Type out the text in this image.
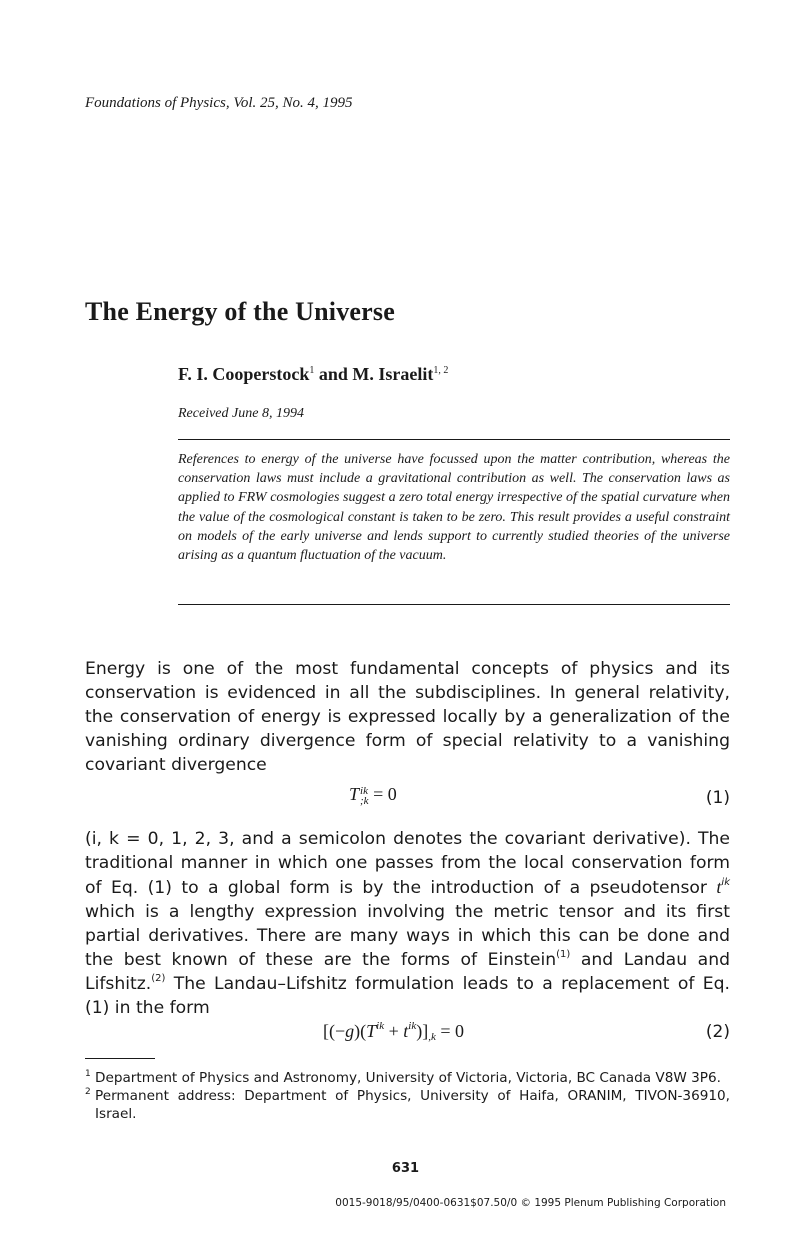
Foundations of Physics, Vol. 25, No. 4, 1995
The Energy of the Universe
F. I. Cooperstock$^1$ and M. Israelit$^{1, 2}$
Received June 8, 1994
References to energy of the universe have focussed upon the matter contribution, whereas the conservation laws must include a gravitational contribution as well. The conservation laws as applied to FRW cosmologies suggest a zero total energy irrespective of the spatial curvature when the value of the cosmological constant is taken to be zero. This result provides a useful constraint on models of the early universe and lends support to currently studied theories of the universe arising as a quantum fluctuation of the vacuum.
Energy is one of the most fundamental concepts of physics and its conservation is evidenced in all the subdisciplines. In general relativity, the conservation of energy is expressed locally by a generalization of the vanishing ordinary divergence form of special relativity to a vanishing covariant divergence
T ik
;k = 0	(1)
(i, k = 0, 1, 2, 3, and a semicolon denotes the covariant derivative). The traditional manner in which one passes from the local conservation form of Eq. (1) to a global form is by the introduction of a pseudotensor $t^{ik}$ which is a lengthy expression involving the metric tensor and its first partial derivatives. There are many ways in which this can be done and the best known of these are the forms of Einstein$^{(1)}$ and Landau and Lifshitz.$^{(2)}$ The Landau–Lifshitz formulation leads to a replacement of Eq. (1) in the form
$[(-g)(T^{ik} + t^{ik})]_{,k} = 0$	(2)
1 Department of Physics and Astronomy, University of Victoria, Victoria, BC Canada V8W 3P6.
2 Permanent address: Department of Physics, University of Haifa, ORANIM, TIVON-36910, Israel.
631
0015-9018/95/0400-0631$07.50/0 © 1995 Plenum Publishing Corporation
